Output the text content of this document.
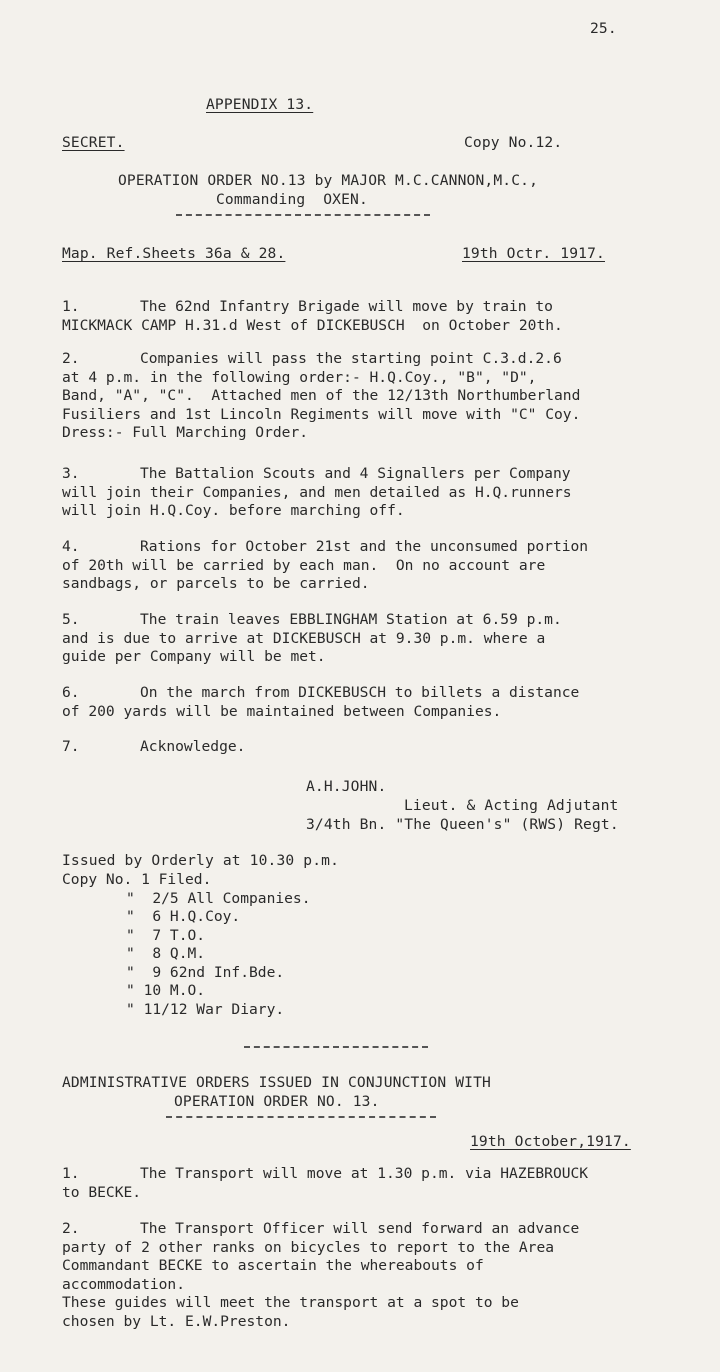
25.
APPENDIX 13.
SECRET.	Copy No.12.
OPERATION ORDER NO.13 by MAJOR M.C.CANNON,M.C.,
Commanding  OXEN.
Map. Ref.Sheets 36a & 28.	19th Octr. 1917.
1.	The 62nd Infantry Brigade will move by train to
MICKMACK CAMP H.31.d West of DICKEBUSCH  on October 20th.
2.	Companies will pass the starting point C.3.d.2.6
at 4 p.m. in the following order:- H.Q.Coy., "B", "D",
Band, "A", "C".  Attached men of the 12/13th Northumberland
Fusiliers and 1st Lincoln Regiments will move with "C" Coy.
Dress:- Full Marching Order.
3.	The Battalion Scouts and 4 Signallers per Company
will join their Companies, and men detailed as H.Q.runners
will join H.Q.Coy. before marching off.
4.	Rations for October 21st and the unconsumed portion
of 20th will be carried by each man.  On no account are
sandbags, or parcels to be carried.
5.	The train leaves EBBLINGHAM Station at 6.59 p.m.
and is due to arrive at DICKEBUSCH at 9.30 p.m. where a
guide per Company will be met.
6.	On the march from DICKEBUSCH to billets a distance
of 200 yards will be maintained between Companies.
7.	Acknowledge.
A.H.JOHN.
Lieut. & Acting Adjutant
3/4th Bn. "The Queen's" (RWS) Regt.
Issued by Orderly at 10.30 p.m.
Copy No. 1 Filed.
"  2/5 All Companies.
"  6 H.Q.Coy.
"  7 T.O.
"  8 Q.M.
"  9 62nd Inf.Bde.
" 10 M.O.
" 11/12 War Diary.
ADMINISTRATIVE ORDERS ISSUED IN CONJUNCTION WITH
OPERATION ORDER NO. 13.
19th October,1917.
1.	The Transport will move at 1.30 p.m. via HAZEBROUCK
to BECKE.
2.	The Transport Officer will send forward an advance
party of 2 other ranks on bicycles to report to the Area
Commandant BECKE to ascertain the whereabouts of
accommodation.
These guides will meet the transport at a spot to be
chosen by Lt. E.W.Preston.
